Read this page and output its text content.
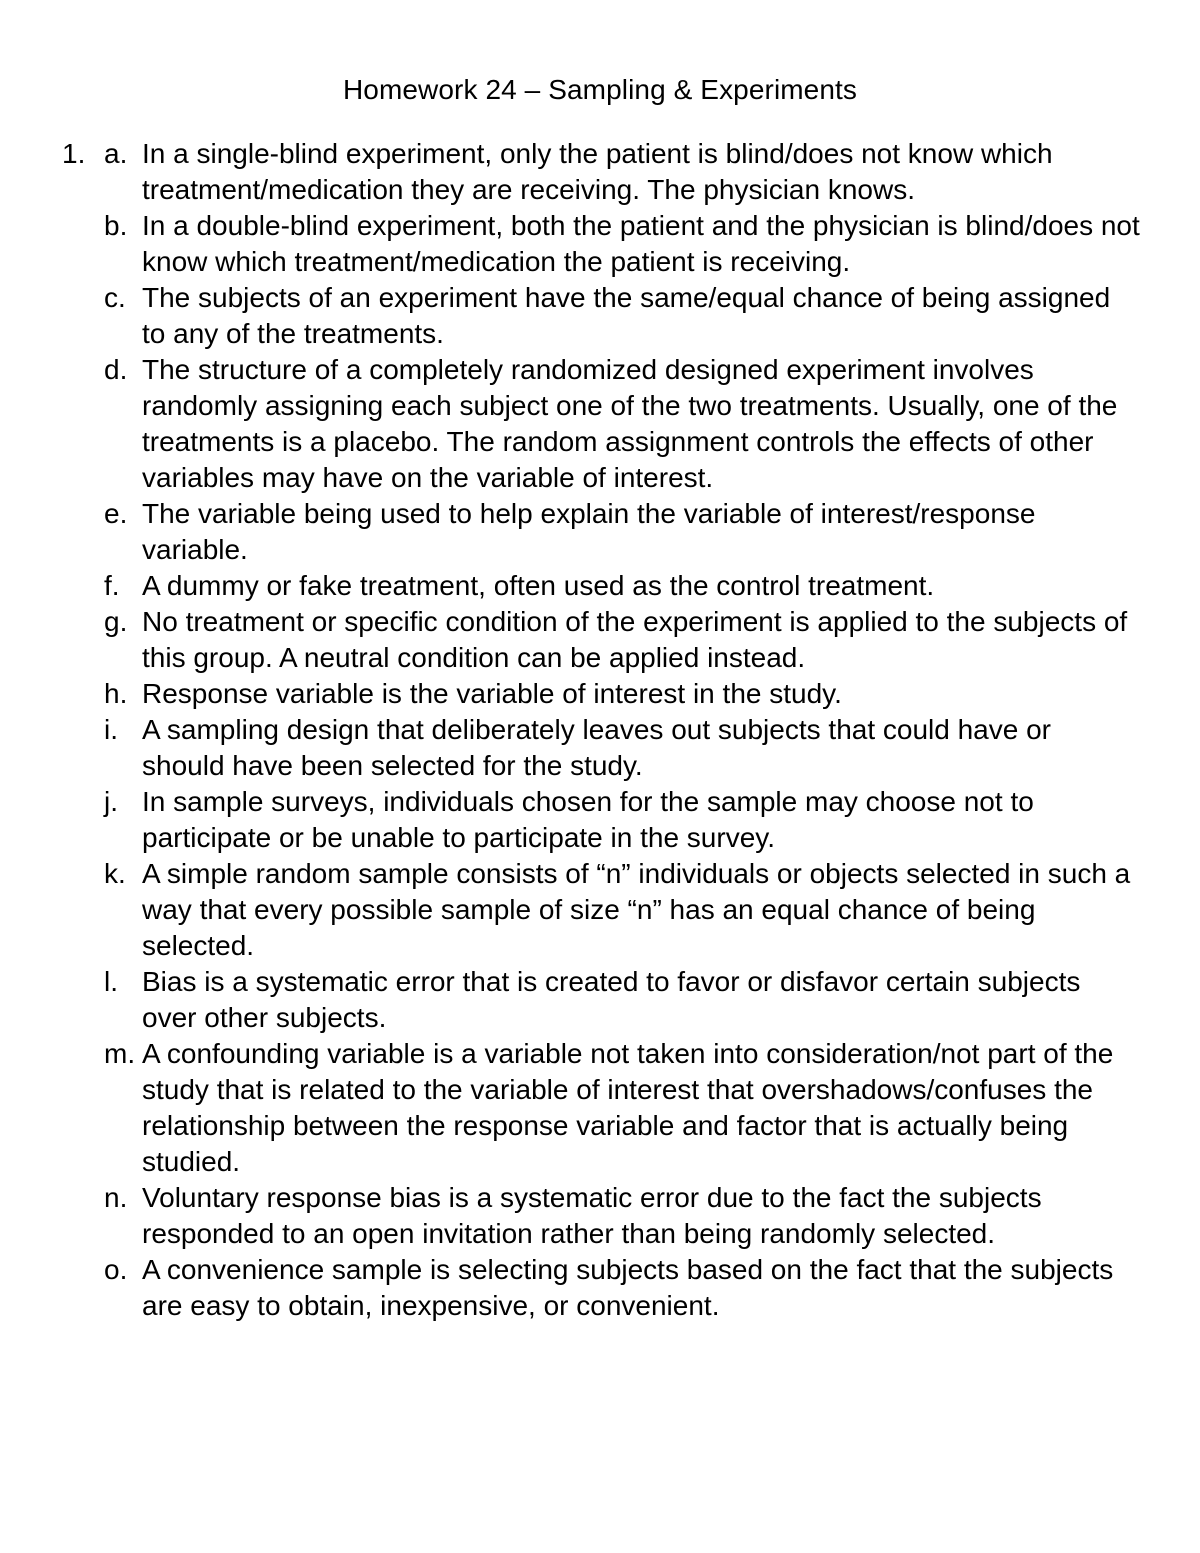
Homework 24 – Sampling & Experiments
1. a. In a single-blind experiment, only the patient is blind/does not know which treatment/medication they are receiving. The physician knows.
b. In a double-blind experiment, both the patient and the physician is blind/does not know which treatment/medication the patient is receiving.
c. The subjects of an experiment have the same/equal chance of being assigned to any of the treatments.
d. The structure of a completely randomized designed experiment involves randomly assigning each subject one of the two treatments. Usually, one of the treatments is a placebo. The random assignment controls the effects of other variables may have on the variable of interest.
e. The variable being used to help explain the variable of interest/response variable.
f. A dummy or fake treatment, often used as the control treatment.
g. No treatment or specific condition of the experiment is applied to the subjects of this group. A neutral condition can be applied instead.
h. Response variable is the variable of interest in the study.
i. A sampling design that deliberately leaves out subjects that could have or should have been selected for the study.
j. In sample surveys, individuals chosen for the sample may choose not to participate or be unable to participate in the survey.
k. A simple random sample consists of “n” individuals or objects selected in such a way that every possible sample of size “n” has an equal chance of being selected.
l. Bias is a systematic error that is created to favor or disfavor certain subjects over other subjects.
m. A confounding variable is a variable not taken into consideration/not part of the study that is related to the variable of interest that overshadows/confuses the relationship between the response variable and factor that is actually being studied.
n. Voluntary response bias is a systematic error due to the fact the subjects responded to an open invitation rather than being randomly selected.
o. A convenience sample is selecting subjects based on the fact that the subjects are easy to obtain, inexpensive, or convenient.
